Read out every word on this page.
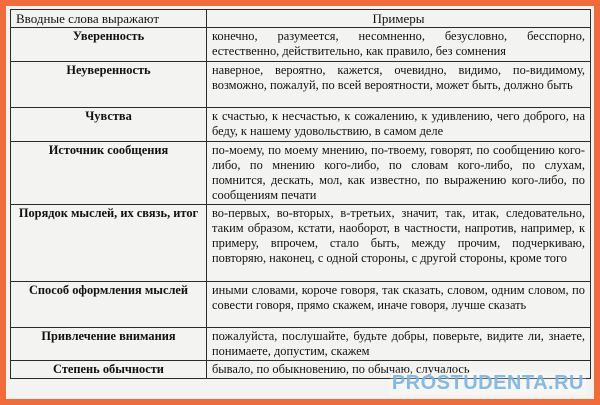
Вводные слова выражают	Примеры
Уверенность	конечно, разумеется, несомненно, безусловно, бесспорно, естественно, действительно, как правило, без сомнения
Неуверенность	наверное, вероятно, кажется, очевидно, видимо, по-видимому, возможно, пожалуй, по всей вероятности, может быть, должно быть
Чувства	к счастью, к несчастью, к сожалению, к удивлению, чего доброго, на беду, к нашему удовольствию, в самом деле
Источник сообщения	по-моему, по моему мнению, по-твоему, говорят, по сообщению кого-либо, по мнению кого-либо, по словам кого-либо, по слухам, помнится, дескать, мол, как известно, по выражению кого-либо, по сообщениям печати
Порядок мыслей, их связь, итог	во-первых, во-вторых, в-третьих, значит, так, итак, следовательно, таким образом, кстати, наоборот, в частности, напротив, например, к примеру, впрочем, стало быть, между прочим, подчеркиваю, повторяю, наконец, с одной стороны, с другой стороны, кроме того
Способ оформления мыслей	иными словами, короче говоря, так сказать, словом, одним словом, по совести говоря, прямо скажем, иначе говоря, лучше сказать
Привлечение внимания	пожалуйста, послушайте, будьте добры, поверьте, видите ли, знаете, понимаете, допустим, скажем
Степень обычности	бывало, по обыкновению, по обычаю, случалось
PROSTUDENTA.RU
